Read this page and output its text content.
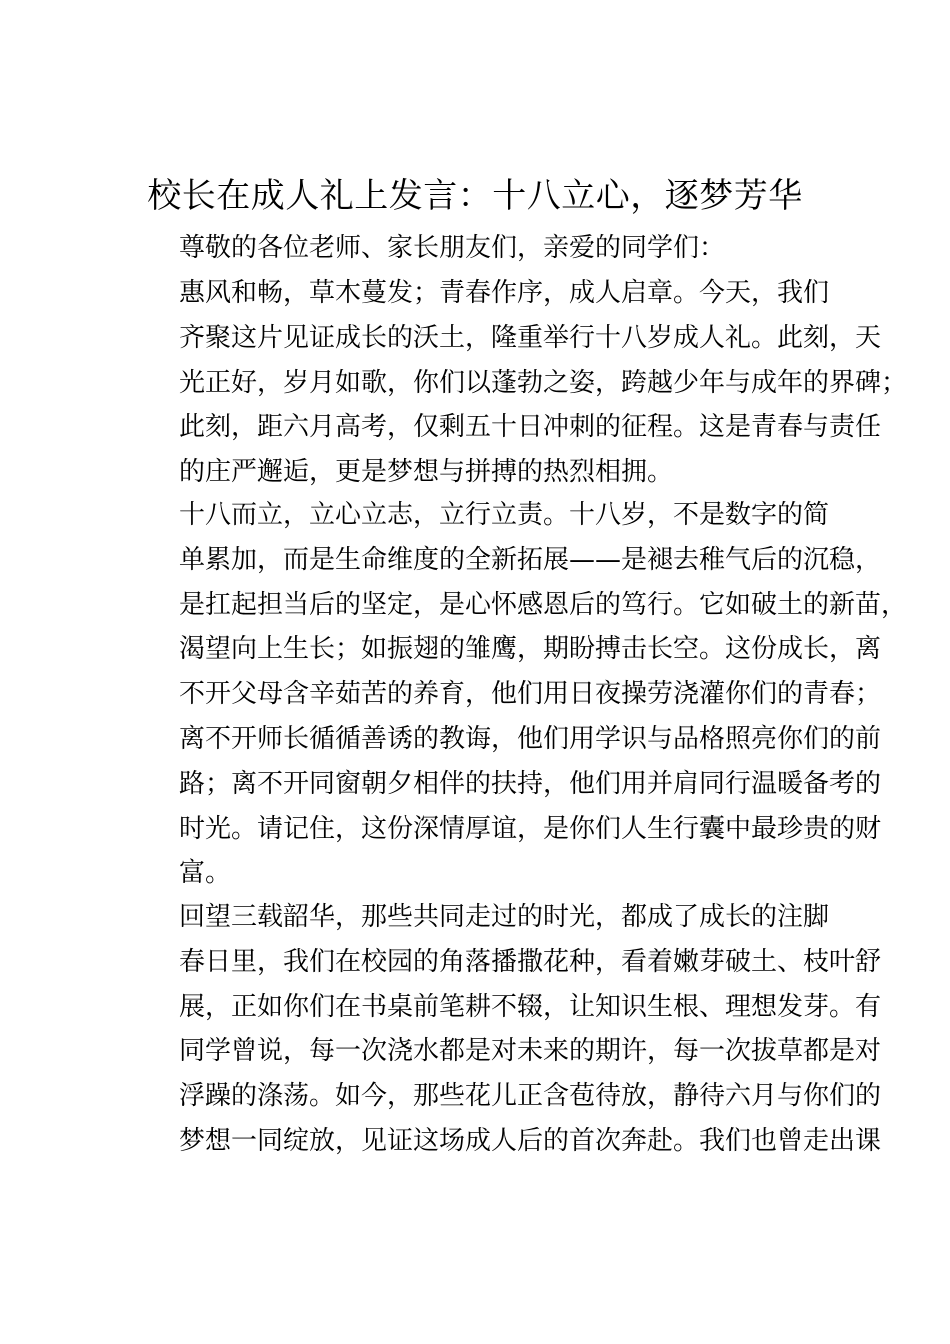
校长在成人礼上发言：十八立心，逐梦芳华

尊敬的各位老师、家长朋友们，亲爱的同学们：

惠风和畅，草木蔓发；青春作序，成人启章。今天，我们
齐聚这片见证成长的沃土，隆重举行十八岁成人礼。此刻，天
光正好，岁月如歌，你们以蓬勃之姿，跨越少年与成年的界碑；
此刻，距六月高考，仅剩五十日冲刺的征程。这是青春与责任
的庄严邂逅，更是梦想与拼搏的热烈相拥。

十八而立，立心立志，立行立责。十八岁，不是数字的简
单累加，而是生命维度的全新拓展——是褪去稚气后的沉稳，
是扛起担当后的坚定，是心怀感恩后的笃行。它如破土的新苗，
渴望向上生长；如振翅的雏鹰，期盼搏击长空。这份成长，离
不开父母含辛茹苦的养育，他们用日夜操劳浇灌你们的青春；
离不开师长循循善诱的教诲，他们用学识与品格照亮你们的前
路；离不开同窗朝夕相伴的扶持，他们用并肩同行温暖备考的
时光。请记住，这份深情厚谊，是你们人生行囊中最珍贵的财
富。

回望三载韶华，那些共同走过的时光，都成了成长的注脚
春日里，我们在校园的角落播撒花种，看着嫩芽破土、枝叶舒
展，正如你们在书桌前笔耕不辍，让知识生根、理想发芽。有
同学曾说，每一次浇水都是对未来的期许，每一次拔草都是对
浮躁的涤荡。如今，那些花儿正含苞待放，静待六月与你们的
梦想一同绽放，见证这场成人后的首次奔赴。我们也曾走出课
